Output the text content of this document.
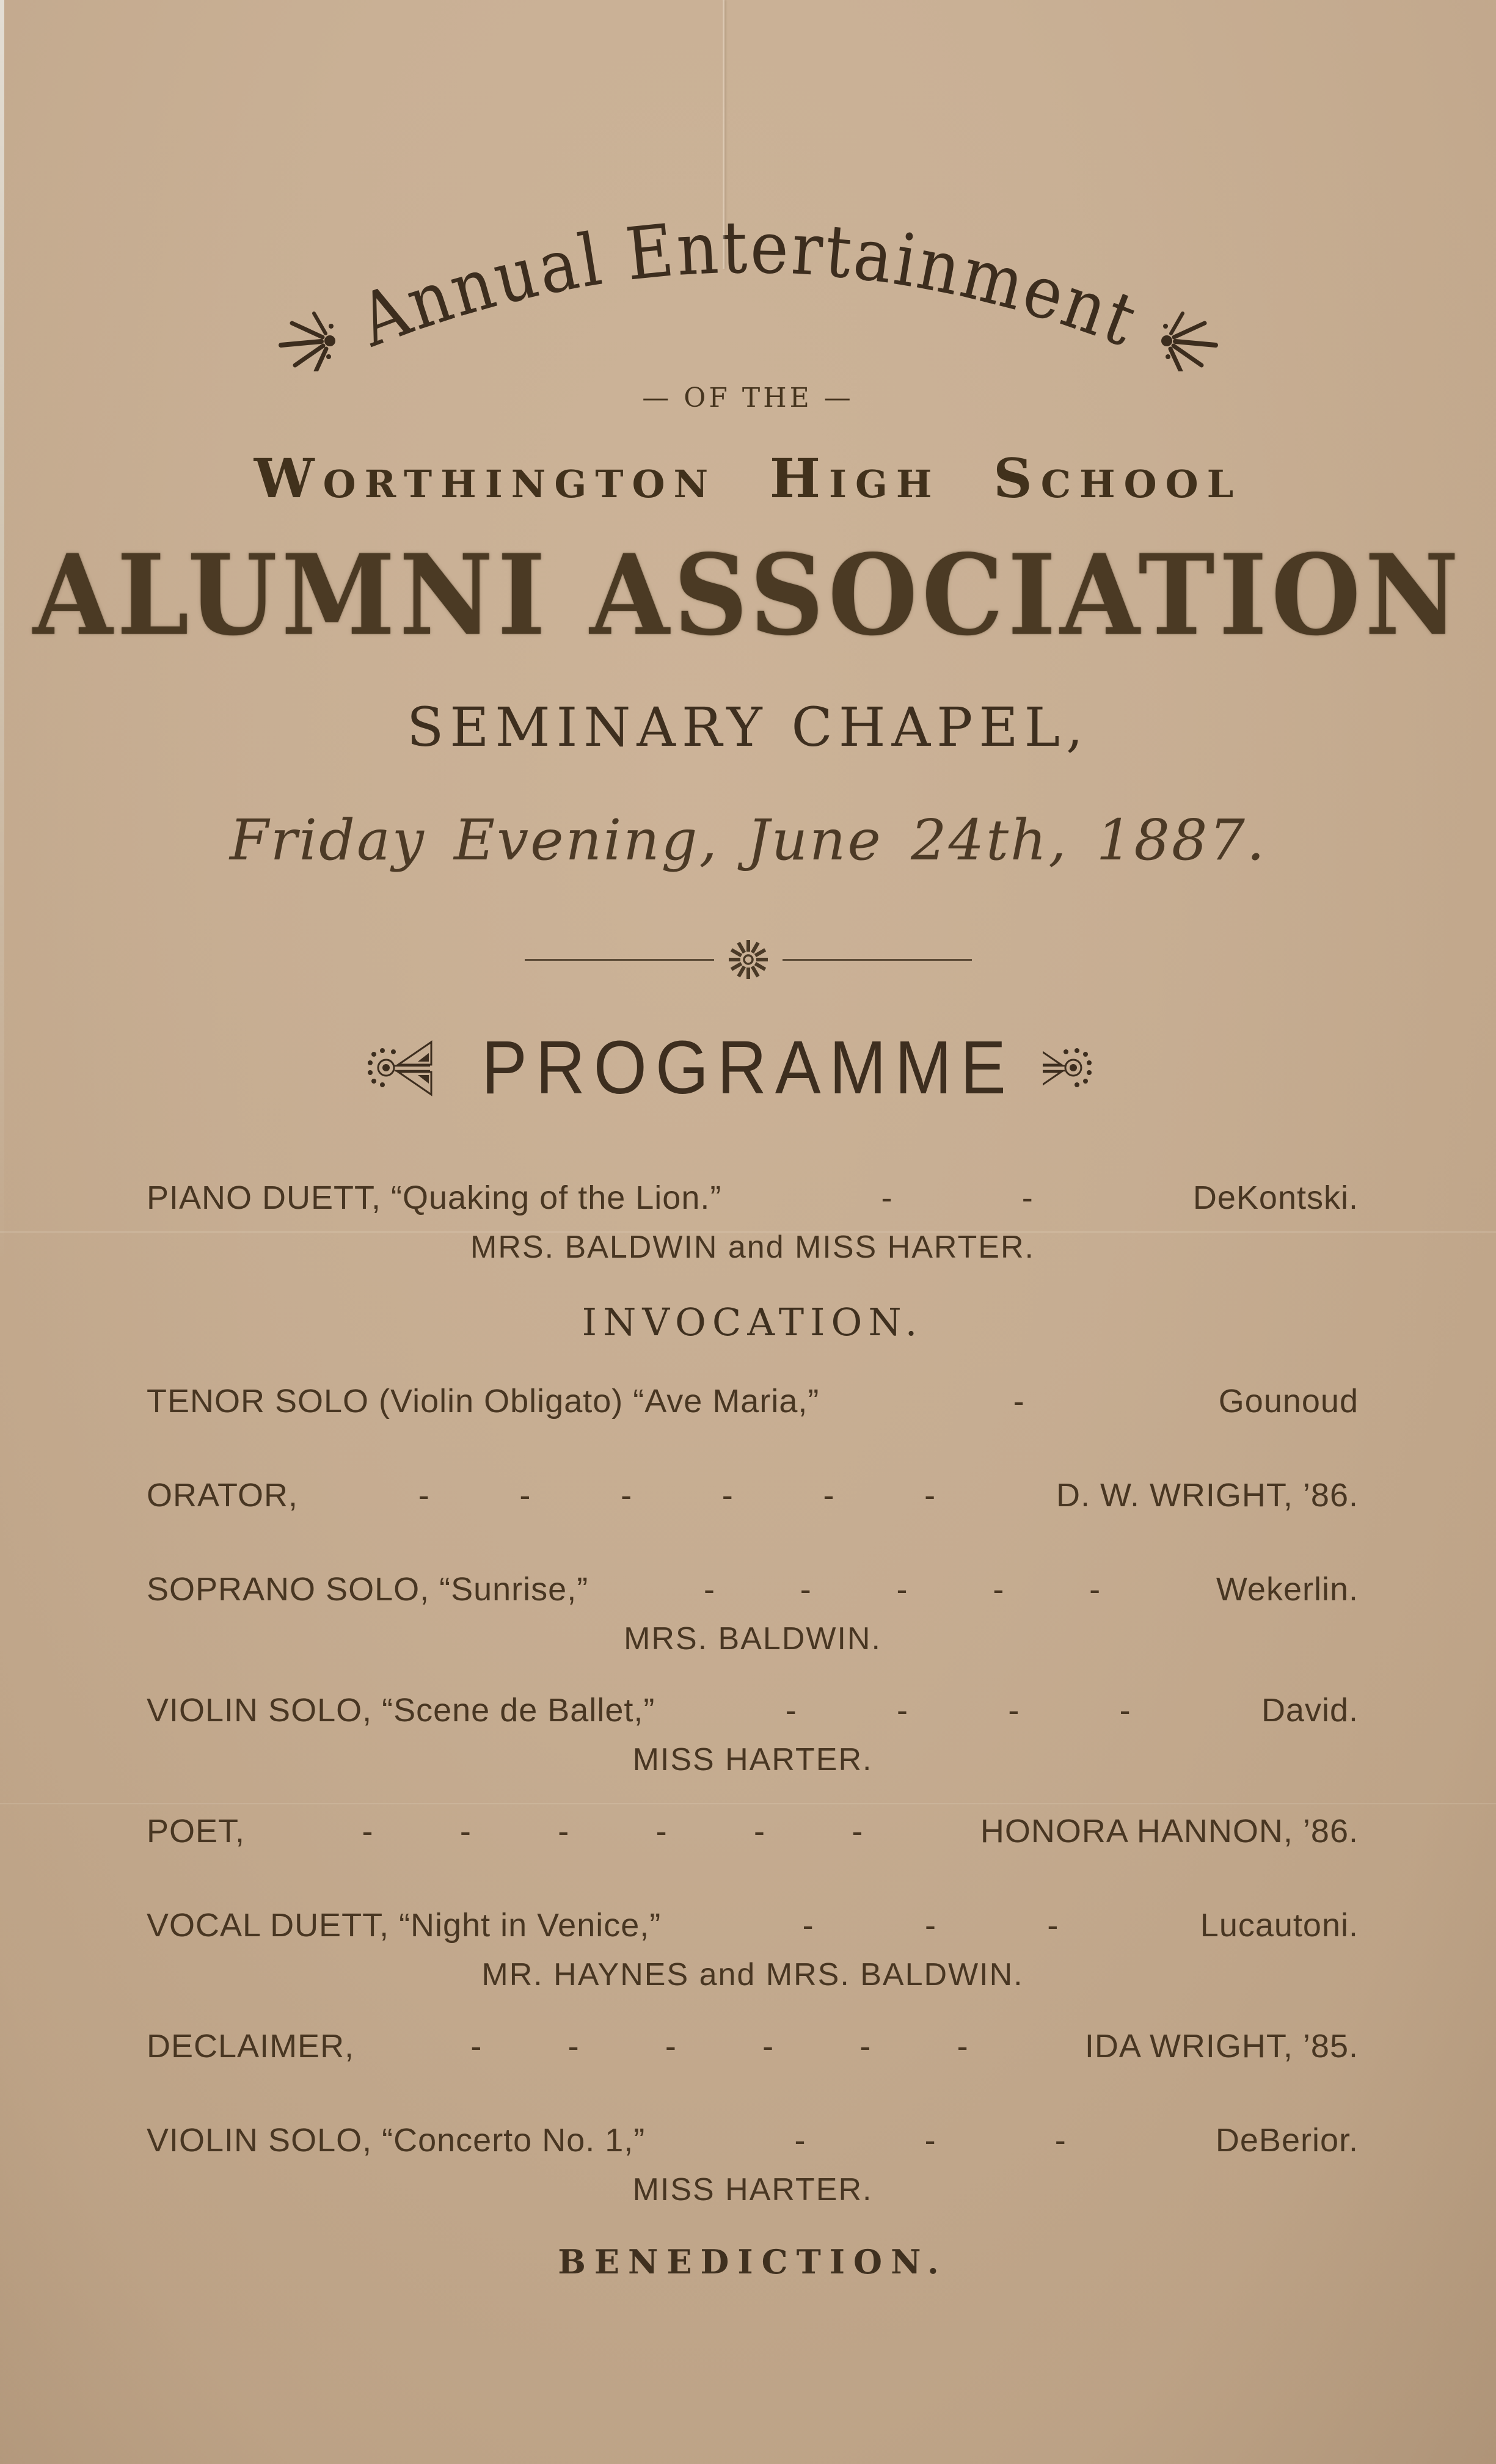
Annual Entertainment
— OF THE —
Worthington High School
ALUMNI ASSOCIATION
SEMINARY CHAPEL,
Friday Evening, June 24th, 1887.
PROGRAMME
PIANO DUETT, “Quaking of the Lion.”	-	-	DeKontski.
MRS. BALDWIN and MISS HARTER.
INVOCATION.
TENOR SOLO (Violin Obligato) “Ave Maria,”	-	Gounoud
ORATOR,	-	-	-	-	-	-	D. W. WRIGHT, ’86.
SOPRANO SOLO, “Sunrise,”	-	-	-	-	-	Wekerlin.
MRS. BALDWIN.
VIOLIN SOLO, “Scene de Ballet,”	-	-	-	-	David.
MISS HARTER.
POET,	-	-	-	-	-	-	HONORA HANNON, ’86.
VOCAL DUETT, “Night in Venice,”	-	-	-	Lucautoni.
MR. HAYNES and MRS. BALDWIN.
DECLAIMER,	-	-	-	-	-	-	IDA WRIGHT, ’85.
VIOLIN SOLO, “Concerto No. 1,”	-	-	-	DeBerior.
MISS HARTER.
BENEDICTION.
